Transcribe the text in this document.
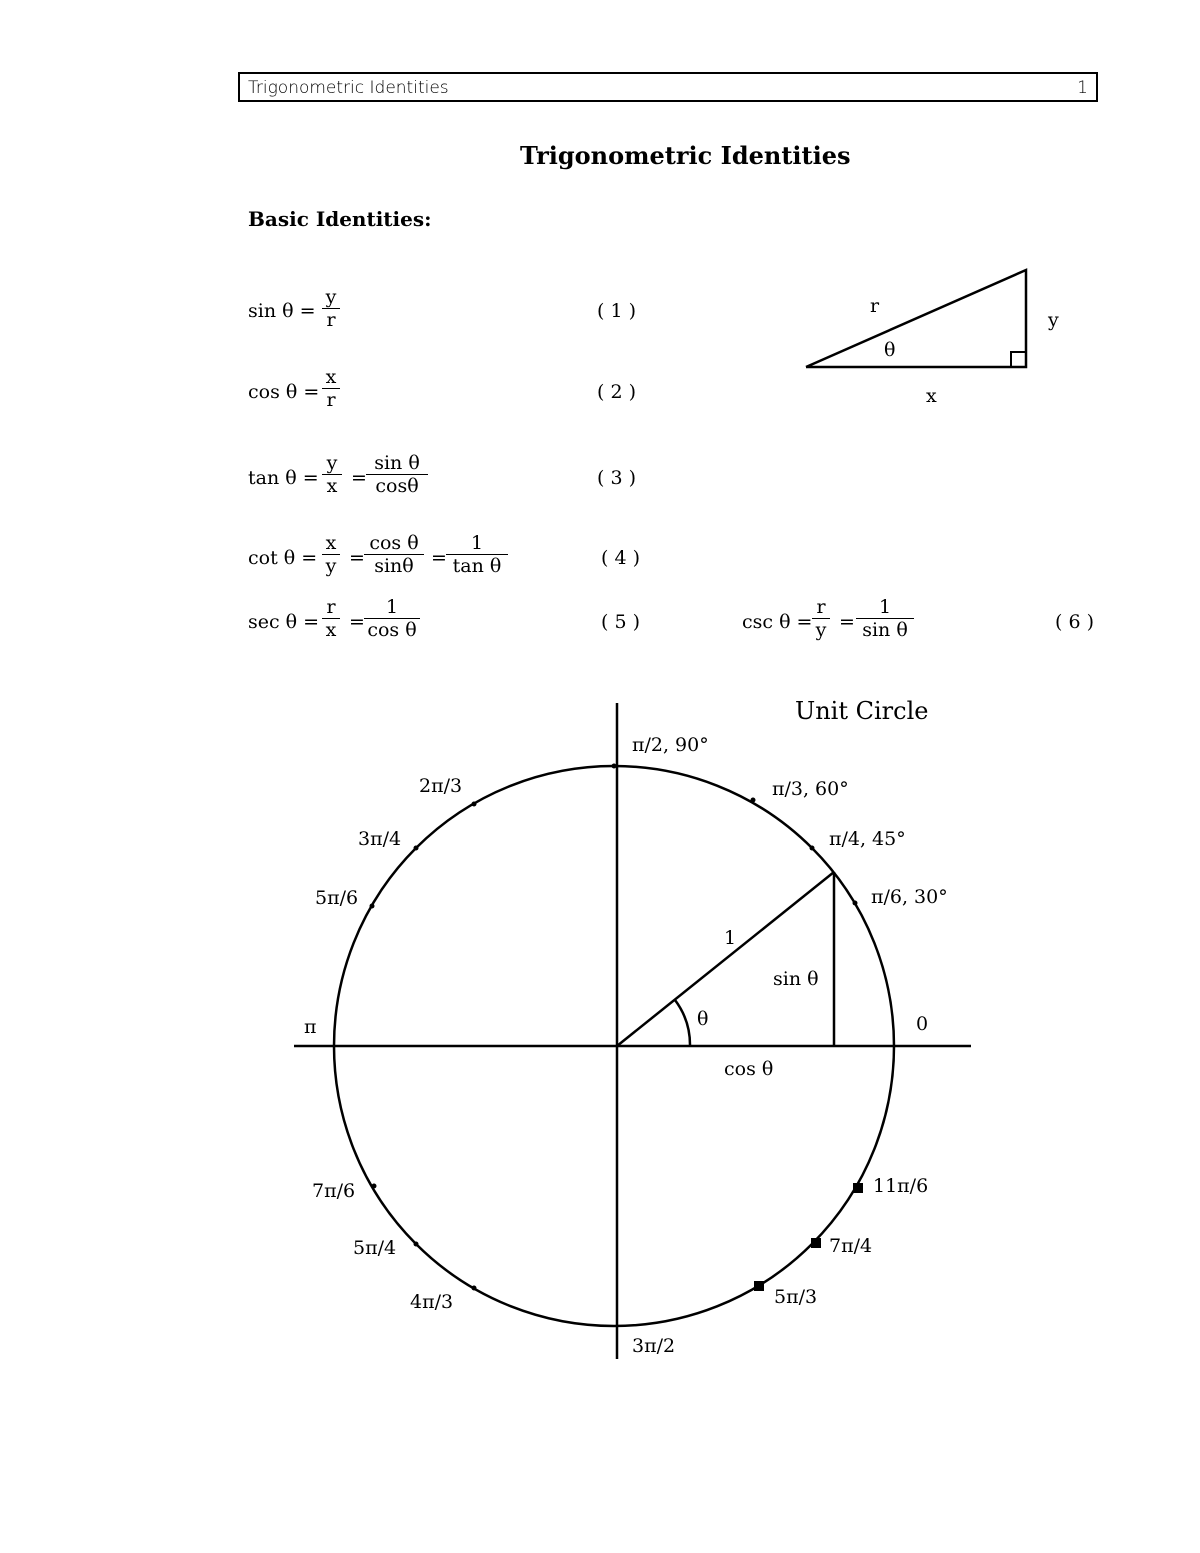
Trigonometric Identities	1
Trigonometric Identities
Basic Identities:
sin θ =
y
r	( 1 )
cos θ =
x
r	( 2 )
tan θ =
y
x =
sin θ
cosθ	( 3 )
cot θ =
x
y =
cos θ
sinθ =
1
tan θ	( 4 )
sec θ =
r
x =
1
cos θ	( 5 )	csc θ =
r
y =
1
sin θ	( 6 )
r
y
x
θ
Unit Circle
1
θ
sin θ
cos θ
0
π/6, 30°
π/4, 45°
π/3, 60°
π/2, 90°
2π/3
3π/4
5π/6
π
7π/6
5π/4
4π/3
3π/2
5π/3
7π/4
11π/6
